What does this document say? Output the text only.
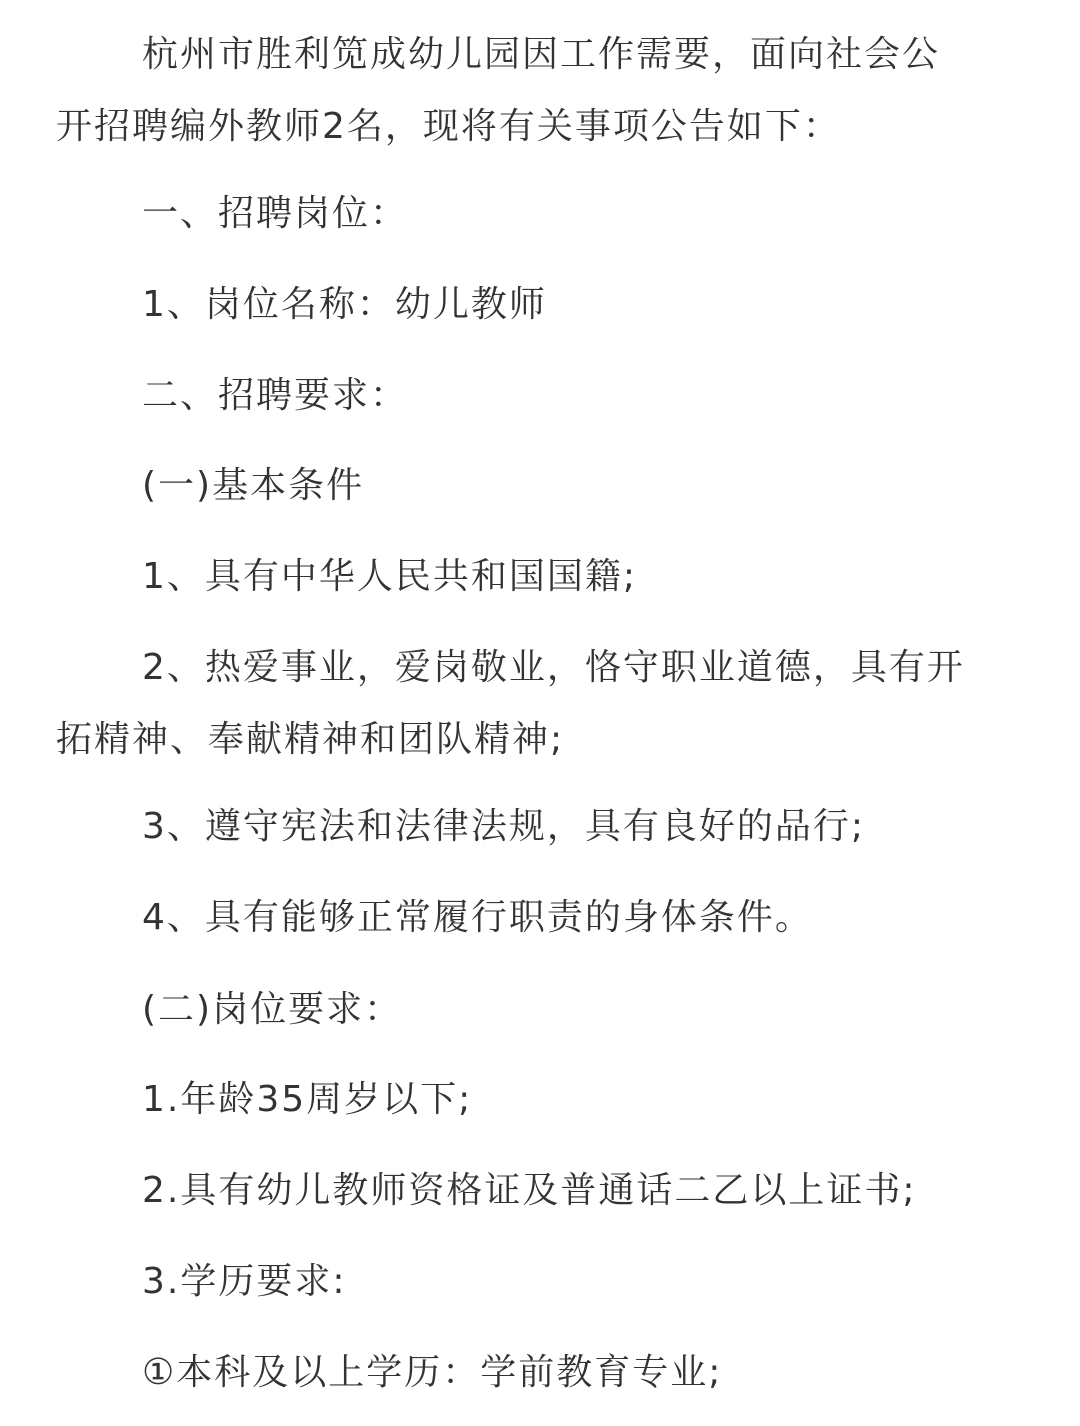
杭州市胜利笕成幼儿园因工作需要，面向社会公
开招聘编外教师2名，现将有关事项公告如下：

一、招聘岗位：

1、岗位名称：幼儿教师

二、招聘要求：

(一)基本条件

1、具有中华人民共和国国籍;

2、热爱事业，爱岗敬业，恪守职业道德，具有开
拓精神、奉献精神和团队精神;

3、遵守宪法和法律法规，具有良好的品行;

4、具有能够正常履行职责的身体条件。

(二)岗位要求：

1.年龄35周岁以下;

2.具有幼儿教师资格证及普通话二乙以上证书;

3.学历要求:

①本科及以上学历：学前教育专业;
